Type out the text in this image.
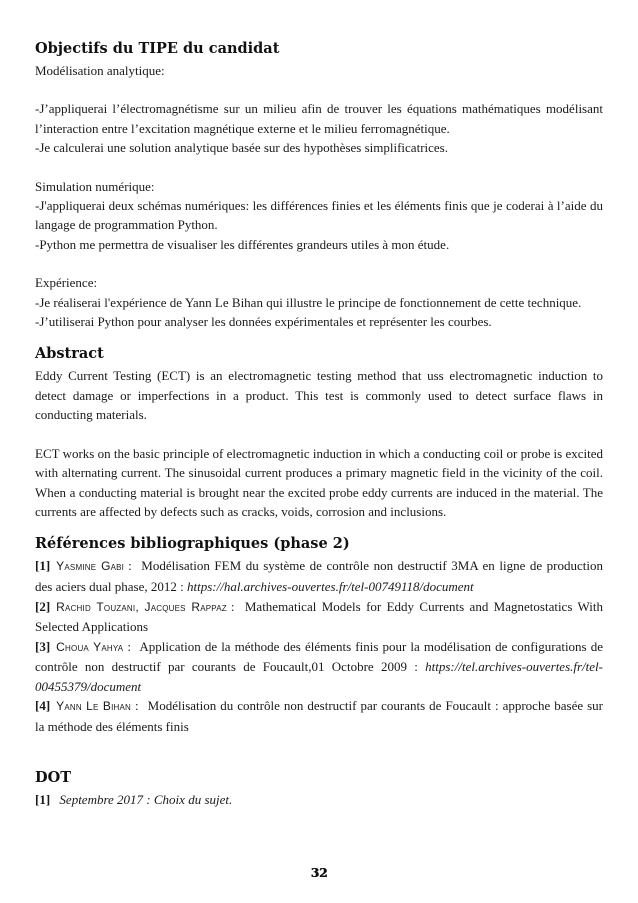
Objectifs du TIPE du candidat

Modélisation analytique:

-J’appliquerai l’électromagnétisme sur un milieu afin de trouver les équations mathématiques modélisant l’interaction entre l’excitation magnétique externe et le milieu ferromagnétique.

-Je calculerai une solution analytique basée sur des hypothèses simplificatrices.

Simulation numérique:

-J'appliquerai deux schémas numériques: les différences finies et les éléments finis que je coderai à l’aide du langage de programmation Python.

-Python me permettra de visualiser les différentes grandeurs utiles à mon étude.

Expérience:

-Je réaliserai l'expérience de Yann Le Bihan qui illustre le principe de fonctionnement de cette technique.

-J’utiliserai Python pour analyser les données expérimentales et représenter les courbes.

Abstract

Eddy Current Testing (ECT) is an electromagnetic testing method that uss electromagnetic induction to detect damage or imperfections in a product. This test is commonly used to detect surface flaws in conducting materials.

ECT works on the basic principle of electromagnetic induction in which a conducting coil or probe is excited with alternating current. The sinusoidal current produces a primary magnetic field in the vicinity of the coil. When a conducting material is brought near the excited probe eddy currents are induced in the material. The currents are affected by defects such as cracks, voids, corrosion and inclusions.

Références bibliographiques (phase 2)

[1] Yasmine Gabi : Modélisation FEM du système de contrôle non destructif 3MA en ligne de production des aciers dual phase, 2012 : https://hal.archives-ouvertes.fr/tel-00749118/document

[2] Rachid Touzani, Jacques Rappaz : Mathematical Models for Eddy Currents and Magnetostatics With Selected Applications

[3] Choua Yahya : Application de la méthode des éléments finis pour la modélisation de configurations de contrôle non destructif par courants de Foucault,01 Octobre 2009 : https://tel.archives-ouvertes.fr/tel-00455379/document

[4] Yann Le Bihan : Modélisation du contrôle non destructif par courants de Foucault : approche basée sur la méthode des éléments finis

DOT

[1] Septembre 2017 : Choix du sujet.

32
